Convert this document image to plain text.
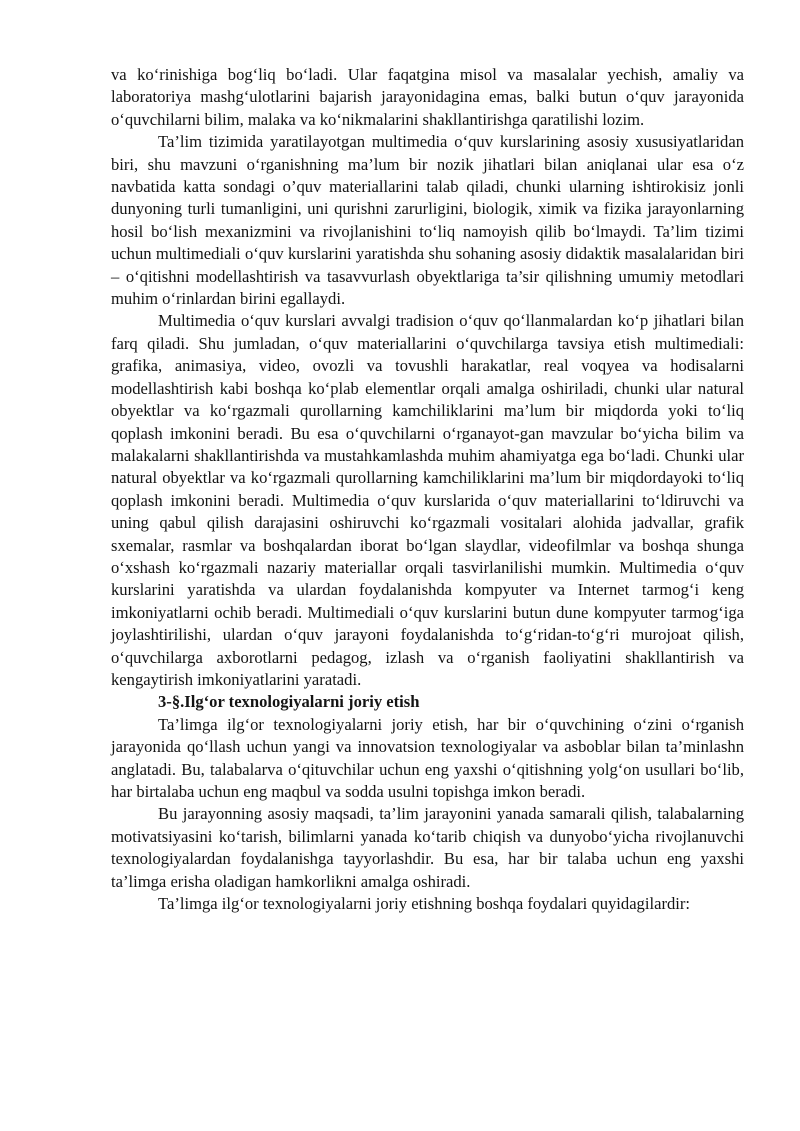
va ko‘rinishiga bog‘liq bo‘ladi. Ular faqatgina misol va masalalar yechish, amaliy va laboratoriya mashg‘ulotlarini bajarish jarayonidagina emas, balki butun o‘quv jarayonida o‘quvchilarni bilim, malaka va ko‘nikmalarini shakllantirishga qaratilishi lozim.

Ta’lim tizimida yaratilayotgan multimedia o‘quv kurslarining asosiy xususiyatlaridan biri, shu mavzuni o‘rganishning ma’lum bir nozik jihatlari bilan aniqlanai ular esa o‘z navbatida katta sondagi o’quv materiallarini talab qiladi, chunki ularning ishtirokisiz jonli dunyoning turli tumanligini, uni qurishni zarurligini, biologik, ximik va fizika jarayonlarning hosil bo‘lish mexanizmini va rivojlanishini to‘liq namoyish qilib bo‘lmaydi. Ta’lim tizimi uchun multimediali o‘quv kurslarini yaratishda shu sohaning asosiy didaktik masalalaridan biri – o‘qitishni modellashtirish va tasavvurlash obyektlariga ta’sir qilishning umumiy metodlari muhim o‘rinlardan birini egallaydi.

Multimedia o‘quv kurslari avvalgi tradision o‘quv qo‘llanmalardan ko‘p jihatlari bilan farq qiladi. Shu jumladan, o‘quv materiallarini o‘quvchilarga tavsiya etish multimediali: grafika, animasiya, video, ovozli va tovushli harakatlar, real voqyea va hodisalarni modellashtirish kabi boshqa ko‘plab elementlar orqali amalga oshiriladi, chunki ular natural obyektlar va ko‘rgazmali qurollarning kamchiliklarini ma’lum bir miqdorda yoki to‘liq qoplash imkonini beradi. Bu esa o‘quvchilarni o‘rganayot-gan mavzular bo‘yicha bilim va malakalarni shakllantirishda va mustahkamlashda muhim ahamiyatga ega bo‘ladi. Chunki ular natural obyektlar va ko‘rgazmali qurollarning kamchiliklarini ma’lum bir miqdordayoki to‘liq qoplash imkonini beradi. Multimedia o‘quv kurslarida o‘quv materiallarini to‘ldiruvchi va uning qabul qilish darajasini oshiruvchi ko‘rgazmali vositalari alohida jadvallar, grafik sxemalar, rasmlar va boshqalardan iborat bo‘lgan slaydlar, videofilmlar va boshqa shunga o‘xshash ko‘rgazmali nazariy materiallar orqali tasvirlanilishi mumkin. Multimedia o‘quv kurslarini yaratishda va ulardan foydalanishda kompyuter va Internet tarmog‘i keng imkoniyatlarni ochib beradi. Multimediali o‘quv kurslarini butun dune kompyuter tarmog‘iga joylashtirilishi, ulardan o‘quv jarayoni foydalanishda to‘g‘ridan-to‘g‘ri murojoat qilish, o‘quvchilarga axborotlarni pedagog, izlash va o‘rganish faoliyatini shakllantirish va kengaytirish imkoniyatlarini yaratadi.

3-§.Ilg‘or texnologiyalarni joriy etish

Ta’limga ilg‘or texnologiyalarni joriy etish, har bir o‘quvchining o‘zini o‘rganish jarayonida qo‘llash uchun yangi va innovatsion texnologiyalar va asboblar bilan ta’minlashn anglatadi. Bu, talabalarva o‘qituvchilar uchun eng yaxshi o‘qitishning yolg‘on usullari bo‘lib, har birtalaba uchun eng maqbul va sodda usulni topishga imkon beradi.

Bu jarayonning asosiy maqsadi, ta’lim jarayonini yanada samarali qilish, talabalarning motivatsiyasini ko‘tarish, bilimlarni yanada ko‘tarib chiqish va dunyobo‘yicha rivojlanuvchi texnologiyalardan foydalanishga tayyorlashdir. Bu esa, har bir talaba uchun eng yaxshi ta’limga erisha oladigan hamkorlikni amalga oshiradi.

Ta’limga ilg‘or texnologiyalarni joriy etishning boshqa foydalari quyidagilardir:
